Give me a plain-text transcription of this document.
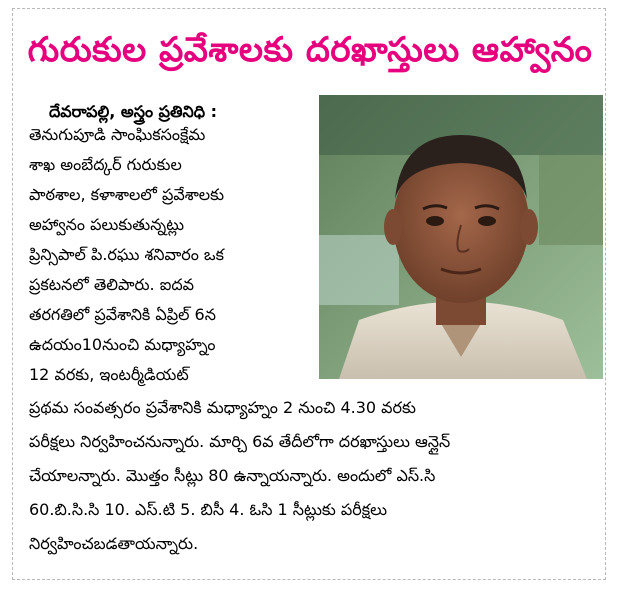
గురుకుల ప్రవేశాలకు దరఖాస్తులు ఆహ్వానం
దేవరాపల్లి, అస్త్రం ప్రతినిధి :
తెనుగుపూడి సాంఘికసంక్షేమ
శాఖ అంబేద్కర్ గురుకుల
పాఠశాల, కళాశాలలో ప్రవేశాలకు
అహ్వానం పలుకుతున్నట్లు
ప్రిన్సిపాల్ పి.రఘు శనివారం ఒక
ప్రకటనలో తెలిపారు. ఐదవ
తరగతిలో ప్రవేశానికి ఏప్రిల్ 6న
ఉదయం10నుంచి మధ్యాహ్నం
12 వరకు, ఇంటర్మీడియట్
ప్రథమ సంవత్సరం ప్రవేశానికి మధ్యాహ్నం 2 నుంచి 4.30 వరకు
పరీక్షలు నిర్వహించనున్నారు. మార్చి 6వ తేదీలోగా దరఖాస్తులు ఆన్లైన్
చేయాలన్నారు. మొత్తం సీట్లు 80 ఉన్నాయన్నారు. అందులో ఎస్.సి
60.బి.సి.సి 10. ఎస్.టి 5. బిసీ 4. ఓసి 1 సీట్లుకు పరీక్షలు
నిర్వహించబడతాయన్నారు.
